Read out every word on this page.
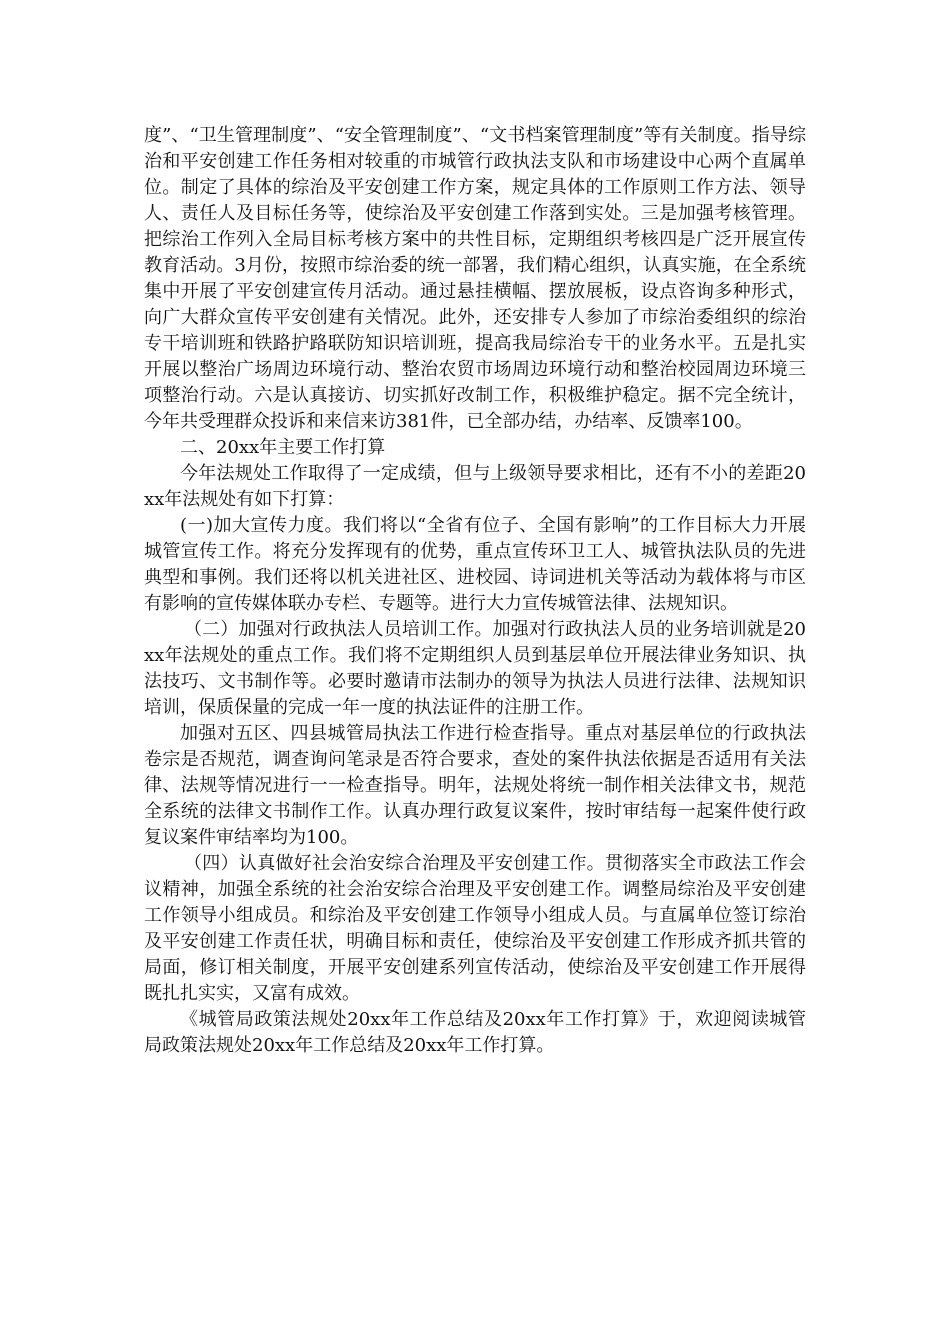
度”、“卫生管理制度”、“安全管理制度”、“文书档案管理制度”等有关制度。指导综治和平安创建工作任务相对较重的市城管行政执法支队和市场建设中心两个直属单位。制定了具体的综治及平安创建工作方案，规定具体的工作原则工作方法、领导人、责任人及目标任务等，使综治及平安创建工作落到实处。三是加强考核管理。把综治工作列入全局目标考核方案中的共性目标，定期组织考核四是广泛开展宣传教育活动。3月份，按照市综治委的统一部署，我们精心组织，认真实施，在全系统集中开展了平安创建宣传月活动。通过悬挂横幅、摆放展板，设点咨询多种形式，向广大群众宣传平安创建有关情况。此外，还安排专人参加了市综治委组织的综治专干培训班和铁路护路联防知识培训班，提高我局综治专干的业务水平。五是扎实开展以整治广场周边环境行动、整治农贸市场周边环境行动和整治校园周边环境三项整治行动。六是认真接访、切实抓好改制工作，积极维护稳定。据不完全统计，今年共受理群众投诉和来信来访381件，已全部办结，办结率、反馈率100。

二、20xx年主要工作打算

今年法规处工作取得了一定成绩，但与上级领导要求相比，还有不小的差距20xx年法规处有如下打算：

(一)加大宣传力度。我们将以“全省有位子、全国有影响”的工作目标大力开展城管宣传工作。将充分发挥现有的优势，重点宣传环卫工人、城管执法队员的先进典型和事例。我们还将以机关进社区、进校园、诗词进机关等活动为载体将与市区有影响的宣传媒体联办专栏、专题等。进行大力宣传城管法律、法规知识。

（二）加强对行政执法人员培训工作。加强对行政执法人员的业务培训就是20xx年法规处的重点工作。我们将不定期组织人员到基层单位开展法律业务知识、执法技巧、文书制作等。必要时邀请市法制办的领导为执法人员进行法律、法规知识培训，保质保量的完成一年一度的执法证件的注册工作。

加强对五区、四县城管局执法工作进行检查指导。重点对基层单位的行政执法卷宗是否规范，调查询问笔录是否符合要求，查处的案件执法依据是否适用有关法律、法规等情况进行一一检查指导。明年，法规处将统一制作相关法律文书，规范全系统的法律文书制作工作。认真办理行政复议案件，按时审结每一起案件使行政复议案件审结率均为100。

（四）认真做好社会治安综合治理及平安创建工作。贯彻落实全市政法工作会议精神，加强全系统的社会治安综合治理及平安创建工作。调整局综治及平安创建工作领导小组成员。和综治及平安创建工作领导小组成人员。与直属单位签订综治及平安创建工作责任状，明确目标和责任，使综治及平安创建工作形成齐抓共管的局面，修订相关制度，开展平安创建系列宣传活动，使综治及平安创建工作开展得既扎扎实实，又富有成效。

《城管局政策法规处20xx年工作总结及20xx年工作打算》于，欢迎阅读城管局政策法规处20xx年工作总结及20xx年工作打算。
